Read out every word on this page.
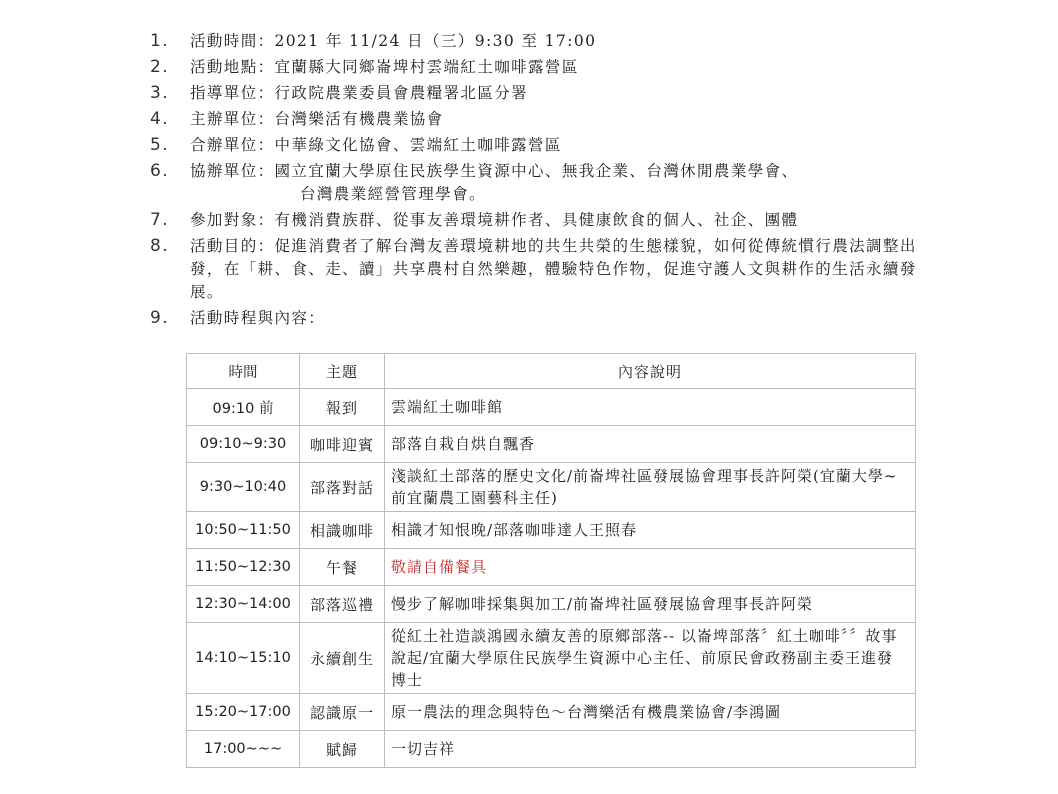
1.	活動時間：2021 年 11/24 日（三）9:30 至 17:00
2.	活動地點：宜蘭縣大同鄉崙埤村雲端紅土咖啡露營區
3.	指導單位：行政院農業委員會農糧署北區分署
4.	主辦單位：台灣樂活有機農業協會
5.	合辦單位：中華綠文化協會、雲端紅土咖啡露營區
6.	協辦單位：國立宜蘭大學原住民族學生資源中心、無我企業、台灣休閒農業學會、
台灣農業經營管理學會。
7.	參加對象：有機消費族群、從事友善環境耕作者、具健康飲食的個人、社企、團體
8.	活動目的：促進消費者了解台灣友善環境耕地的共生共榮的生態樣貌，如何從傳統慣行農法調整出發，在「耕、食、走、讀」共享農村自然樂趣，體驗特色作物，促進守護人文與耕作的生活永續發展。
9.	活動時程與內容：
時間	主題	內容說明
09:10 前	報到	雲端紅土咖啡館
09:10~9:30	咖啡迎賓	部落自栽自烘自飄香
9:30~10:40	部落對話	淺談紅土部落的歷史文化/前崙埤社區發展協會理事長許阿榮(宜蘭大學~前宜蘭農工園藝科主任)
10:50~11:50	相識咖啡	相識才知恨晚/部落咖啡達人王照春
11:50~12:30	午餐	敬請自備餐具
12:30~14:00	部落巡禮	慢步了解咖啡採集與加工/前崙埤社區發展協會理事長許阿榮
14:10~15:10	永續創生	從紅土社造談鴻國永續友善的原鄉部落-- 以崙埤部落〞紅土咖啡〞〞故事說起/宜蘭大學原住民族學生資源中心主任、前原民會政務副主委王進發博士
15:20~17:00	認識原一	原一農法的理念與特色～台灣樂活有機農業協會/李鴻圖
17:00~~~	賦歸	一切吉祥
